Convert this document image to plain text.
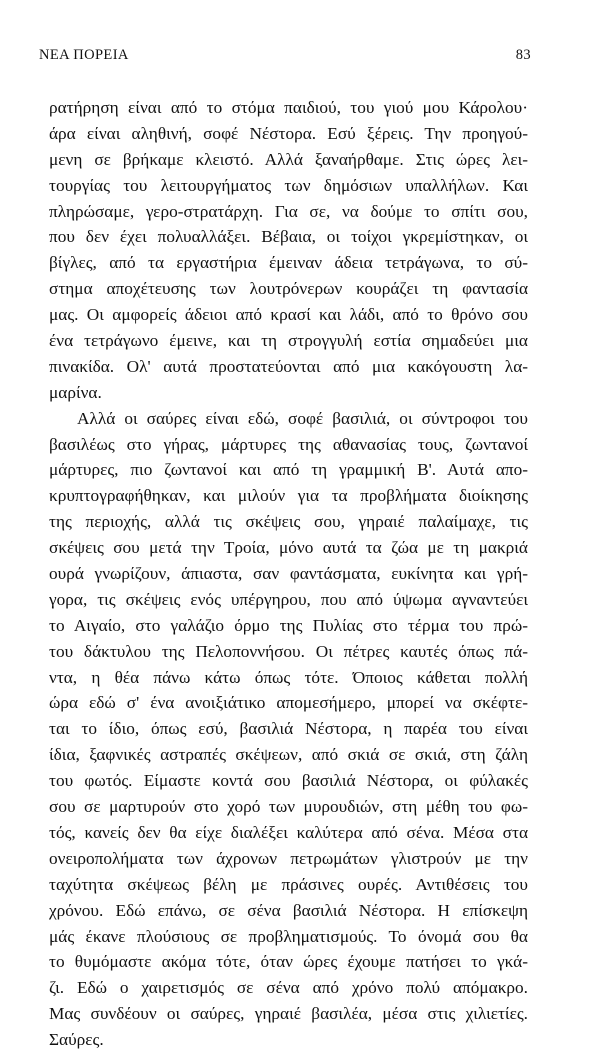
ΝΕΑ ΠΟΡΕΙΑ	83
ρατήρηση είναι από το στόμα παιδιού, του γιού μου Κάρολου·
άρα είναι αληθινή, σοφέ Νέστορα. Εσύ ξέρεις. Την προηγού-
μενη σε βρήκαμε κλειστό. Αλλά ξαναήρθαμε. Στις ώρες λει-
τουργίας του λειτουργήματος των δημόσιων υπαλλήλων. Και
πληρώσαμε, γερο-στρατάρχη. Για σε, να δούμε το σπίτι σου,
που δεν έχει πολυαλλάξει. Βέβαια, οι τοίχοι γκρεμίστηκαν, οι
βίγλες, από τα εργαστήρια έμειναν άδεια τετράγωνα, το σύ-
στημα αποχέτευσης των λουτρόνερων κουράζει τη φαντασία
μας. Οι αμφορείς άδειοι από κρασί και λάδι, από το θρόνο σου
ένα τετράγωνο έμεινε, και τη στρογγυλή εστία σημαδεύει μια
πινακίδα. Ολ' αυτά προστατεύονται από μια κακόγουστη λα-
μαρίνα.
Αλλά οι σαύρες είναι εδώ, σοφέ βασιλιά, οι σύντροφοι του
βασιλέως στο γήρας, μάρτυρες της αθανασίας τους, ζωντανοί
μάρτυρες, πιο ζωντανοί και από τη γραμμική Β'. Αυτά απο-
κρυπτογραφήθηκαν, και μιλούν για τα προβλήματα διοίκησης
της περιοχής, αλλά τις σκέψεις σου, γηραιέ παλαίμαχε, τις
σκέψεις σου μετά την Τροία, μόνο αυτά τα ζώα με τη μακριά
ουρά γνωρίζουν, άπιαστα, σαν φαντάσματα, ευκίνητα και γρή-
γορα, τις σκέψεις ενός υπέργηρου, που από ύψωμα αγναντεύει
το Αιγαίο, στο γαλάζιο όρμο της Πυλίας στο τέρμα του πρώ-
του δάκτυλου της Πελοποννήσου. Οι πέτρες καυτές όπως πά-
ντα, η θέα πάνω κάτω όπως τότε. Όποιος κάθεται πολλή
ώρα εδώ σ' ένα ανοιξιάτικο απομεσήμερο, μπορεί να σκέφτε-
ται το ίδιο, όπως εσύ, βασιλιά Νέστορα, η παρέα του είναι
ίδια, ξαφνικές αστραπές σκέψεων, από σκιά σε σκιά, στη ζάλη
του φωτός. Είμαστε κοντά σου βασιλιά Νέστορα, οι φύλακές
σου σε μαρτυρούν στο χορό των μυρουδιών, στη μέθη του φω-
τός, κανείς δεν θα είχε διαλέξει καλύτερα από σένα. Μέσα στα
ονειροπολήματα των άχρονων πετρωμάτων γλιστρούν με την
ταχύτητα σκέψεως βέλη με πράσινες ουρές. Αντιθέσεις του
χρόνου. Εδώ επάνω, σε σένα βασιλιά Νέστορα. Η επίσκεψη
μάς έκανε πλούσιους σε προβληματισμούς. Το όνομά σου θα
το θυμόμαστε ακόμα τότε, όταν ώρες έχουμε πατήσει το γκά-
ζι. Εδώ ο χαιρετισμός σε σένα από χρόνο πολύ απόμακρο.
Μας συνδέουν οι σαύρες, γηραιέ βασιλέα, μέσα στις χιλιετίες.
Σαύρες.
